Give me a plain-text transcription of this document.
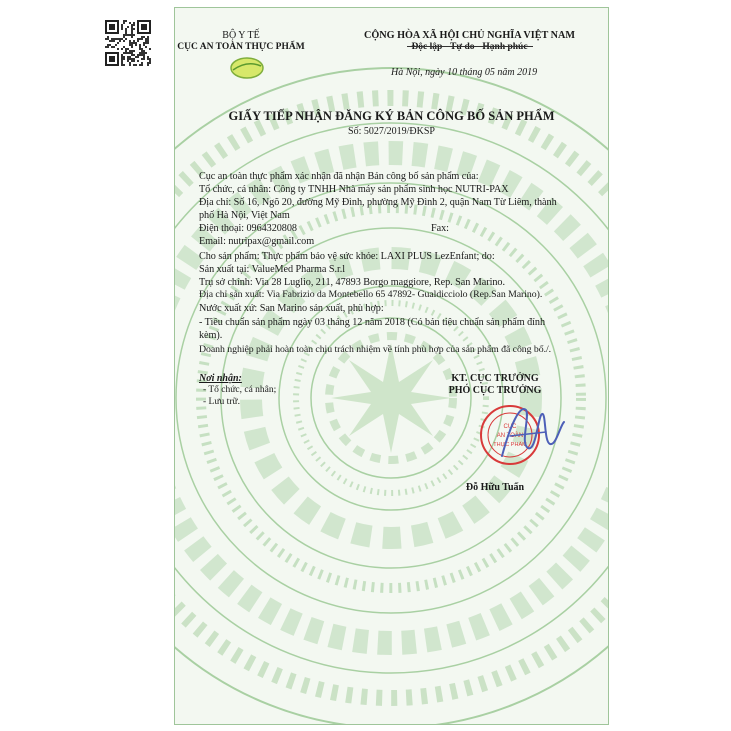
BỘ Y TẾ
CỤC AN TOÀN THỰC PHẨM
CỘNG HÒA XÃ HỘI CHỦ NGHĨA VIỆT NAM
Độc lập - Tự do - Hạnh phúc
Hà Nội, ngày 10 tháng 05 năm 2019
GIẤY TIẾP NHẬN ĐĂNG KÝ BẢN CÔNG BỐ SẢN PHẨM
Số: 5027/2019/ĐKSP
Cục an toàn thực phẩm xác nhận đã nhận Bản công bố sản phẩm của:
Tổ chức, cá nhân: Công ty TNHH Nhà máy sản phẩm sinh học NUTRI-PAX
Địa chỉ: Số 16, Ngõ 20, đường Mỹ Đình, phường Mỹ Đình 2, quận Nam Từ Liêm, thành
phố Hà Nội, Việt Nam
Điện thoại: 0964320808	Fax:
Email: nutripax@gmail.com
Cho sản phẩm: Thực phẩm bảo vệ sức khỏe: LAXI PLUS LezEnfant; do:
Sản xuất tại: ValueMed Pharma S.r.l
Trụ sở chính: Via 28 Luglio, 211, 47893 Borgo maggiore, Rep. San Marino.
Địa chỉ sản xuất: Via Fabrizio da Montebello 65 47892- Gualdicciolo (Rep.San Marino).
Nước xuất xứ: San Marino sản xuất, phù hợp:
- Tiêu chuẩn sản phẩm ngày 03 tháng 12 năm 2018 (Có bản tiêu chuẩn sản phẩm đính
kèm).
Doanh nghiệp phải hoàn toàn chịu trách nhiệm về tính phù hợp của sản phẩm đã công bố./.
Nơi nhận:
- Tổ chức, cá nhân;
- Lưu trữ.
KT. CỤC TRƯỞNG
PHÓ CỤC TRƯỞNG
CỤC
AN TOÀN
THỰC PHẨM
Đỗ Hữu Tuấn
